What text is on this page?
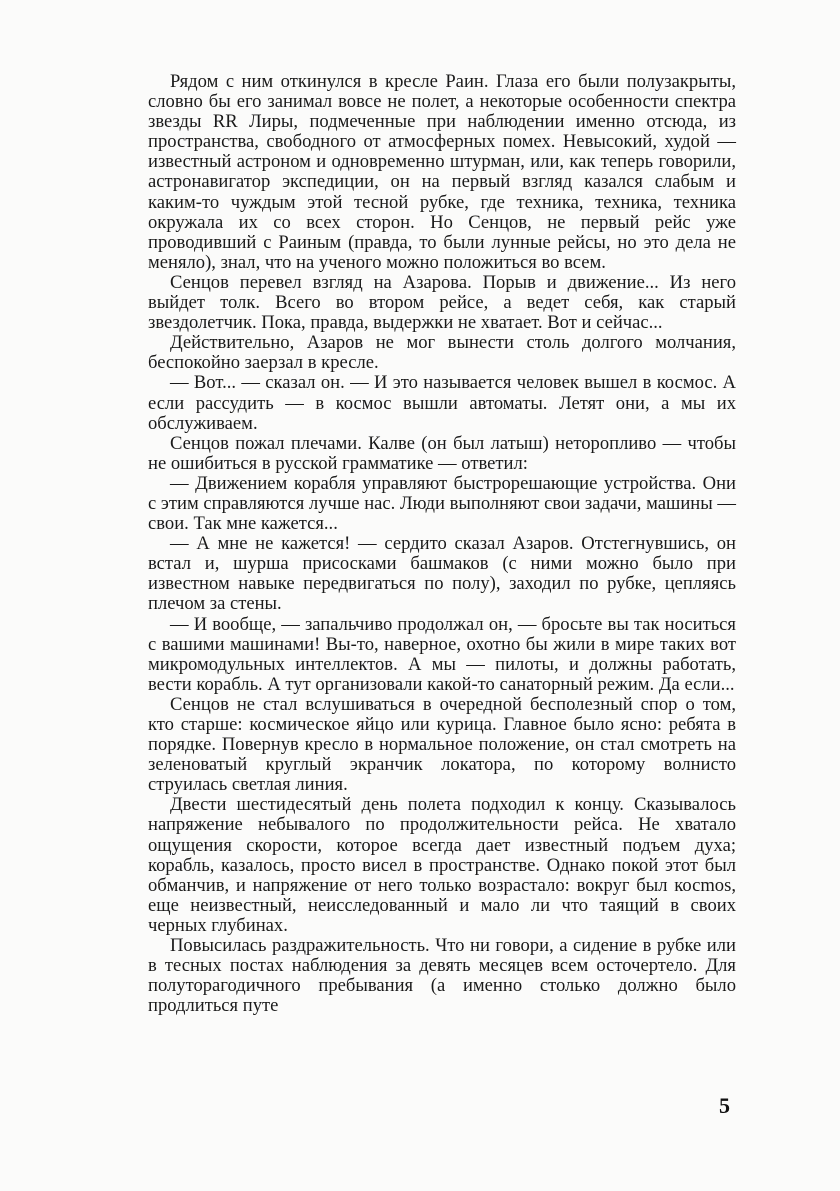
Рядом с ним откинулся в кресле Раин. Глаза его были полузакрыты, словно бы его занимал вовсе не полет, а некоторые особенности спектра звезды RR Лиры, подмеченные при наблюдении именно отсюда, из пространства, свободного от атмосферных помех. Невысокий, худой — известный астроном и одновременно штурман, или, как теперь говорили, астронавигатор экспедиции, он на первый взгляд казался слабым и каким-то чуждым этой тесной рубке, где техника, техника, техника окружала их со всех сторон. Но Сенцов, не первый рейс уже проводивший с Раиным (правда, то были лунные рейсы, но это дела не меняло), знал, что на ученого можно положиться во всем.

Сенцов перевел взгляд на Азарова. Порыв и движение... Из него выйдет толк. Всего во втором рейсе, а ведет себя, как старый звездолетчик. Пока, правда, выдержки не хватает. Вот и сейчас...

Действительно, Азаров не мог вынести столь долгого молчания, беспокойно заерзал в кресле.

— Вот... — сказал он. — И это называется человек вышел в космос. А если рассудить — в космос вышли автоматы. Летят они, а мы их обслуживаем.

Сенцов пожал плечами. Калве (он был латыш) неторопливо — чтобы не ошибиться в русской грамматике — ответил:

— Движением корабля управляют быстрорешающие устройства. Они с этим справляются лучше нас. Люди выполняют свои задачи, машины — свои. Так мне кажется...

— А мне не кажется! — сердито сказал Азаров. Отстегнувшись, он встал и, шурша присосками башмаков (с ними можно было при известном навыке передвигаться по полу), заходил по рубке, цепляясь плечом за стены.

— И вообще, — запальчиво продолжал он, — бросьте вы так носиться с вашими машинами! Вы-то, наверное, охотно бы жили в мире таких вот микромодульных интеллектов. А мы — пилоты, и должны работать, вести корабль. А тут организовали какой-то санаторный режим. Да если...

Сенцов не стал вслушиваться в очередной бесполезный спор о том, кто старше: космическое яйцо или курица. Главное было ясно: ребята в порядке. Повернув кресло в нормальное положение, он стал смотреть на зеленоватый круглый экранчик локатора, по которому волнисто струилась светлая линия.

Двести шестидесятый день полета подходил к концу. Сказывалось напряжение небывалого по продолжительности рейса. Не хватало ощущения скорости, которое всегда дает известный подъем духа; корабль, казалось, просто висел в пространстве. Однако покой этот был обманчив, и напряжение от него только возрастало: вокруг был косmos, еще неизвестный, неисследованный и мало ли что таящий в своих черных глубинах.

Повысилась раздражительность. Что ни говори, а сидение в рубке или в тесных постах наблюдения за девять месяцев всем осточертело. Для полуторагодичного пребывания (а именно столько должно было продлиться путе

5
